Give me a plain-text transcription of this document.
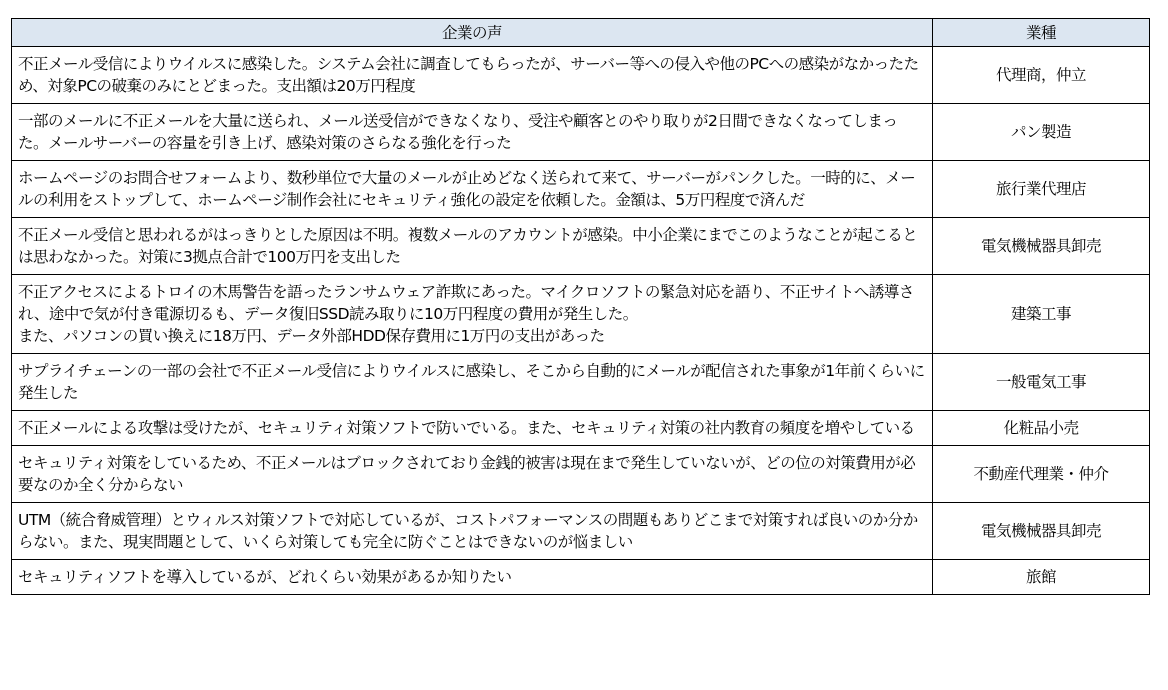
企業の声	業種
不正メール受信によりウイルスに感染した。システム会社に調査してもらったが、サーバー等への侵入や他のPCへの感染がなかったため、対象PCの破棄のみにとどまった。支出額は20万円程度	代理商，仲立
一部のメールに不正メールを大量に送られ、メール送受信ができなくなり、受注や顧客とのやり取りが2日間できなくなってしまった。メールサーバーの容量を引き上げ、感染対策のさらなる強化を行った	パン製造
ホームページのお問合せフォームより、数秒単位で大量のメールが止めどなく送られて来て、サーバーがパンクした。一時的に、メールの利用をストップして、ホームページ制作会社にセキュリティ強化の設定を依頼した。金額は、5万円程度で済んだ	旅行業代理店
不正メール受信と思われるがはっきりとした原因は不明。複数メールのアカウントが感染。中小企業にまでこのようなことが起こるとは思わなかった。対策に3拠点合計で100万円を支出した	電気機械器具卸売
不正アクセスによるトロイの木馬警告を語ったランサムウェア詐欺にあった。マイクロソフトの緊急対応を語り、不正サイトへ誘導され、途中で気が付き電源切るも、データ復旧SSD読み取りに10万円程度の費用が発生した。
また、パソコンの買い換えに18万円、データ外部HDD保存費用に1万円の支出があった	建築工事
サプライチェーンの一部の会社で不正メール受信によりウイルスに感染し、そこから自動的にメールが配信された事象が1年前くらいに発生した	一般電気工事
不正メールによる攻撃は受けたが、セキュリティ対策ソフトで防いでいる。また、セキュリティ対策の社内教育の頻度を増やしている	化粧品小売
セキュリティ対策をしているため、不正メールはブロックされており金銭的被害は現在まで発生していないが、どの位の対策費用が必要なのか全く分からない	不動産代理業・仲介
UTM（統合脅威管理）とウィルス対策ソフトで対応しているが、コストパフォーマンスの問題もありどこまで対策すれば良いのか分からない。また、現実問題として、いくら対策しても完全に防ぐことはできないのが悩ましい	電気機械器具卸売
セキュリティソフトを導入しているが、どれくらい効果があるか知りたい	旅館
